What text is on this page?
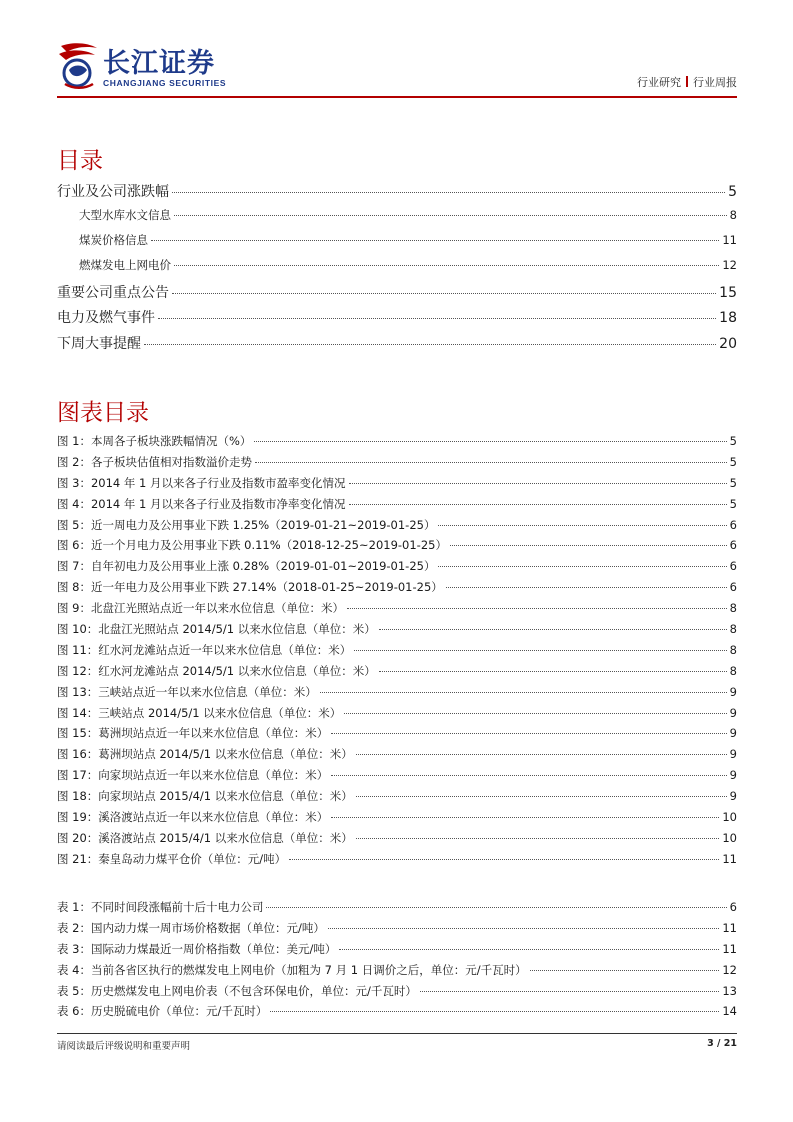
长江证券
CHANGJIANG SECURITIES	行业研究 行业周报
目录
行业及公司涨跌幅	5
大型水库水文信息	8
煤炭价格信息	11
燃煤发电上网电价	12
重要公司重点公告	15
电力及燃气事件	18
下周大事提醒	20
图表目录
图 1：本周各子板块涨跌幅情况（%）	5
图 2：各子板块估值相对指数溢价走势	5
图 3：2014 年 1 月以来各子行业及指数市盈率变化情况	5
图 4：2014 年 1 月以来各子行业及指数市净率变化情况	5
图 5：近一周电力及公用事业下跌 1.25%（2019-01-21~2019-01-25）	6
图 6：近一个月电力及公用事业下跌 0.11%（2018-12-25~2019-01-25）	6
图 7：自年初电力及公用事业上涨 0.28%（2019-01-01~2019-01-25）	6
图 8：近一年电力及公用事业下跌 27.14%（2018-01-25~2019-01-25）	6
图 9：北盘江光照站点近一年以来水位信息（单位：米）	8
图 10：北盘江光照站点 2014/5/1 以来水位信息（单位：米）	8
图 11：红水河龙滩站点近一年以来水位信息（单位：米）	8
图 12：红水河龙滩站点 2014/5/1 以来水位信息（单位：米）	8
图 13：三峡站点近一年以来水位信息（单位：米）	9
图 14：三峡站点 2014/5/1 以来水位信息（单位：米）	9
图 15：葛洲坝站点近一年以来水位信息（单位：米）	9
图 16：葛洲坝站点 2014/5/1 以来水位信息（单位：米）	9
图 17：向家坝站点近一年以来水位信息（单位：米）	9
图 18：向家坝站点 2015/4/1 以来水位信息（单位：米）	9
图 19：溪洛渡站点近一年以来水位信息（单位：米）	10
图 20：溪洛渡站点 2015/4/1 以来水位信息（单位：米）	10
图 21：秦皇岛动力煤平仓价（单位：元/吨）	11
表 1：不同时间段涨幅前十后十电力公司	6
表 2：国内动力煤一周市场价格数据（单位：元/吨）	11
表 3：国际动力煤最近一周价格指数（单位：美元/吨）	11
表 4：当前各省区执行的燃煤发电上网电价（加粗为 7 月 1 日调价之后，单位：元/千瓦时）	12
表 5：历史燃煤发电上网电价表（不包含环保电价，单位：元/千瓦时）	13
表 6：历史脱硫电价（单位：元/千瓦时）	14
请阅读最后评级说明和重要声明	3 / 21
